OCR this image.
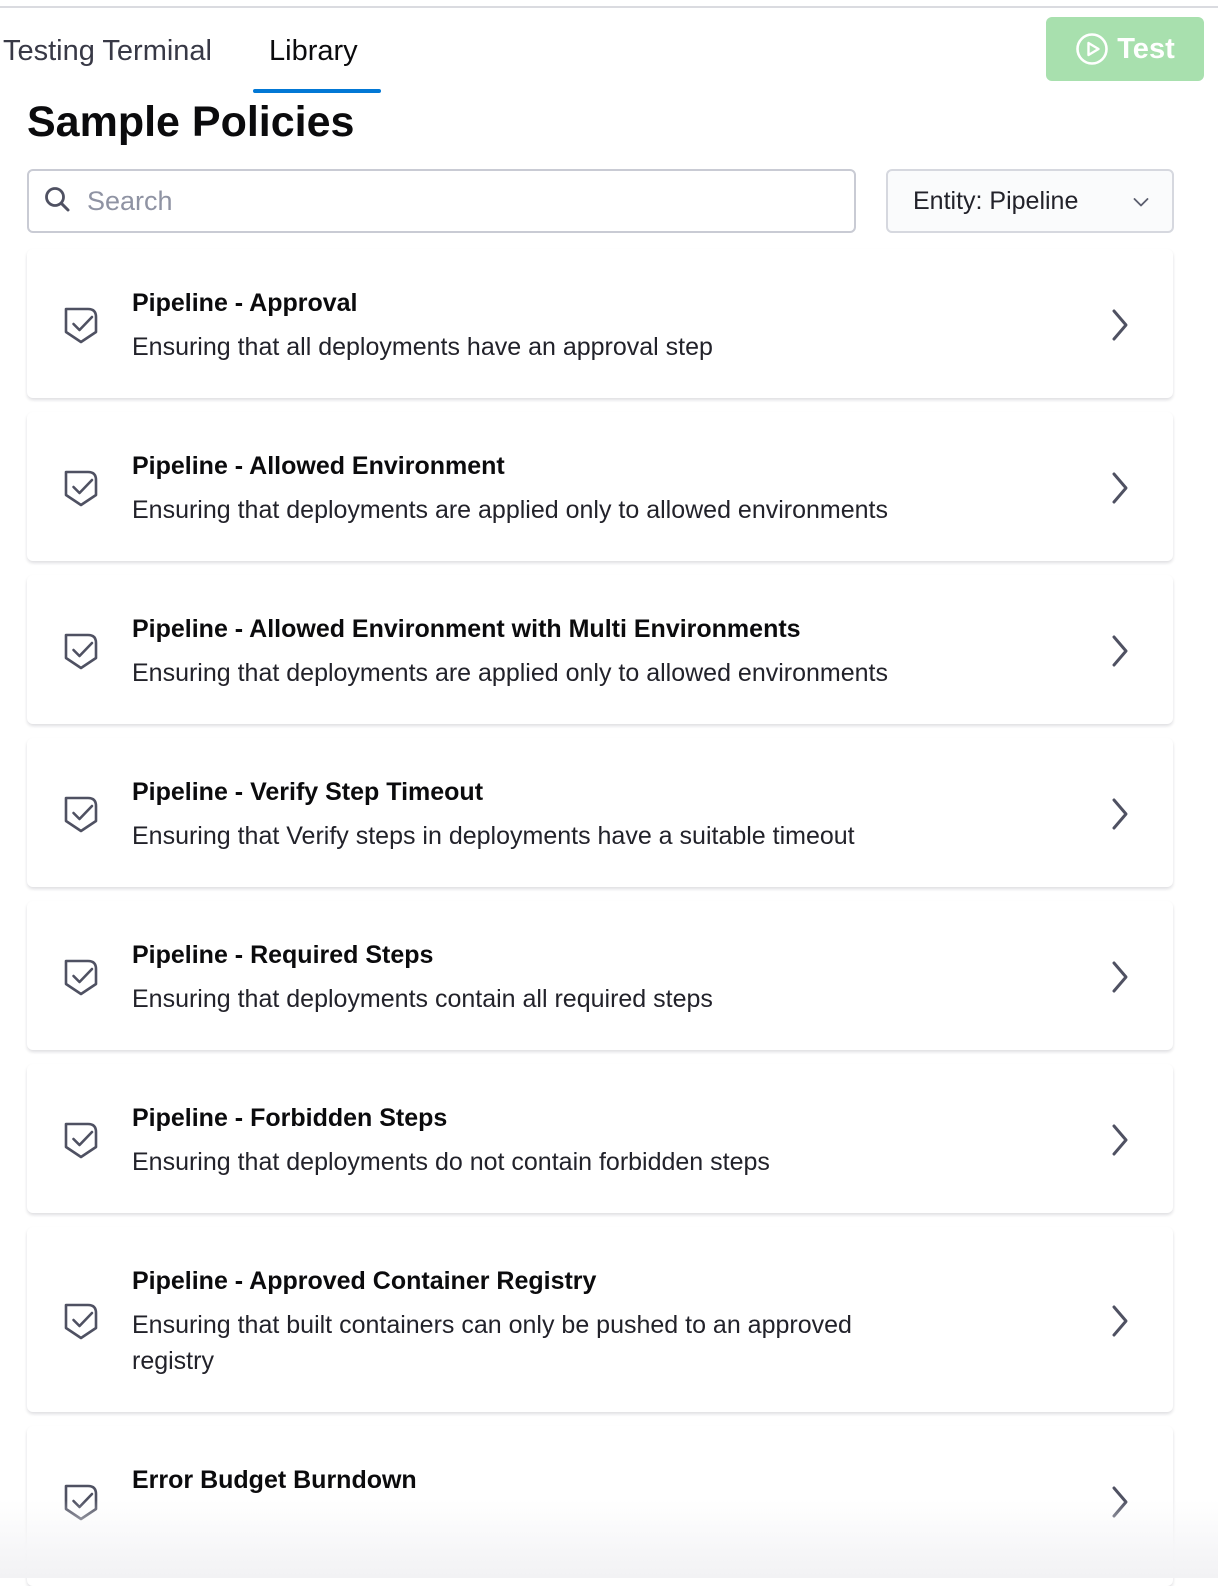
Testing Terminal Library	Test
Sample Policies
Search
Entity: Pipeline
Pipeline - Approval
Ensuring that all deployments have an approval step
Pipeline - Allowed Environment
Ensuring that deployments are applied only to allowed environments
Pipeline - Allowed Environment with Multi Environments
Ensuring that deployments are applied only to allowed environments
Pipeline - Verify Step Timeout
Ensuring that Verify steps in deployments have a suitable timeout
Pipeline - Required Steps
Ensuring that deployments contain all required steps
Pipeline - Forbidden Steps
Ensuring that deployments do not contain forbidden steps
Pipeline - Approved Container Registry
Ensuring that built containers can only be pushed to an approved registry
Error Budget Burndown
